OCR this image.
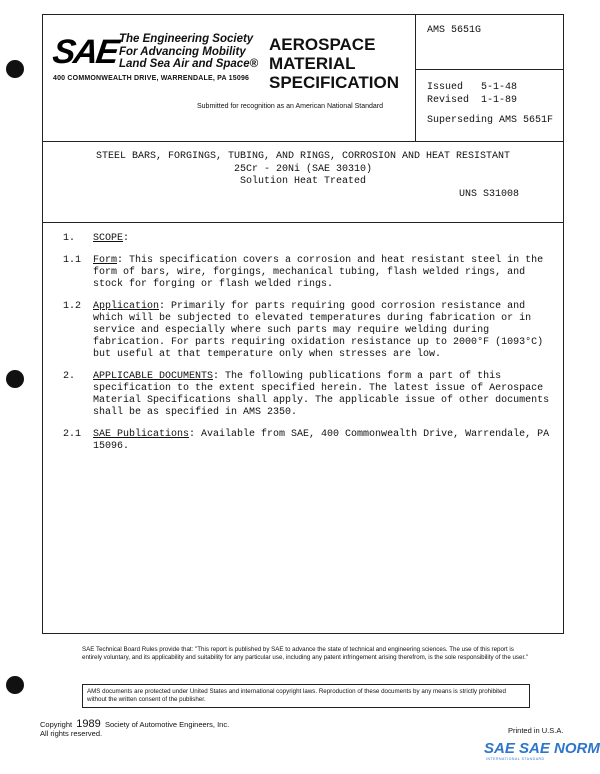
SAE The Engineering Society
For Advancing Mobility
Land Sea Air and Space®
400 COMMONWEALTH DRIVE, WARRENDALE, PA 15096
AEROSPACE
MATERIAL
SPECIFICATION
Submitted for recognition as an American National Standard
AMS 5651G
Issued   5-1-48
Revised  1-1-89
Superseding AMS 5651F
STEEL BARS, FORGINGS, TUBING, AND RINGS, CORROSION AND HEAT RESISTANT
25Cr - 20Ni (SAE 30310)
Solution Heat Treated
UNS S31008
1. SCOPE:
1.1 Form: This specification covers a corrosion and heat resistant steel in the form of bars, wire, forgings, mechanical tubing, flash welded rings, and stock for forging or flash welded rings.
1.2 Application: Primarily for parts requiring good corrosion resistance and which will be subjected to elevated temperatures during fabrication or in service and especially where such parts may require welding during fabrication. For parts requiring oxidation resistance up to 2000°F (1093°C) but useful at that temperature only when stresses are low.
2. APPLICABLE DOCUMENTS: The following publications form a part of this specification to the extent specified herein. The latest issue of Aerospace Material Specifications shall apply. The applicable issue of other documents shall be as specified in AMS 2350.
2.1 SAE Publications: Available from SAE, 400 Commonwealth Drive, Warrendale, PA 15096.
SAE Technical Board Rules provide that: "This report is published by SAE to advance the state of technical and engineering sciences. The use of this report is entirely voluntary, and its applicability and suitability for any particular use, including any patent infringement arising therefrom, is the sole responsibility of the user."
AMS documents are protected under United States and international copyright laws. Reproduction of these documents by any means is strictly prohibited without the written consent of the publisher.
Copyright 1989 Society of Automotive Engineers, Inc.
All rights reserved.	Printed in U.S.A.
SAE SAE NORM
INTERNATIONAL STANDARD
